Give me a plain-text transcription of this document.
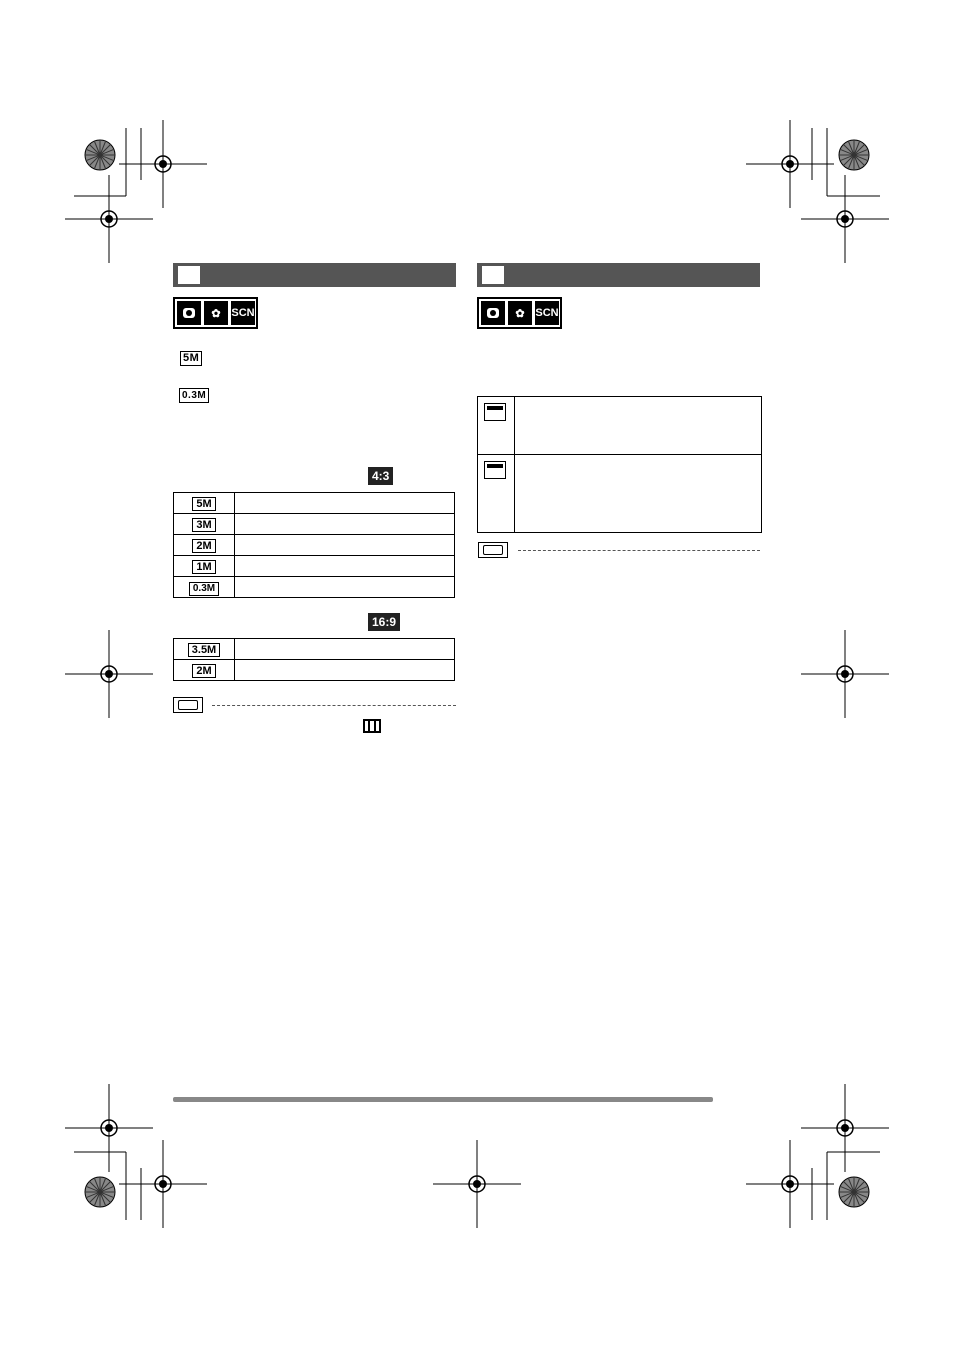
✿ SCN
5M
0.3M
4:3
5M	
3M	
2M	
1M	
0.3M	
16:9
3.5M	
2M	
✿ SCN
